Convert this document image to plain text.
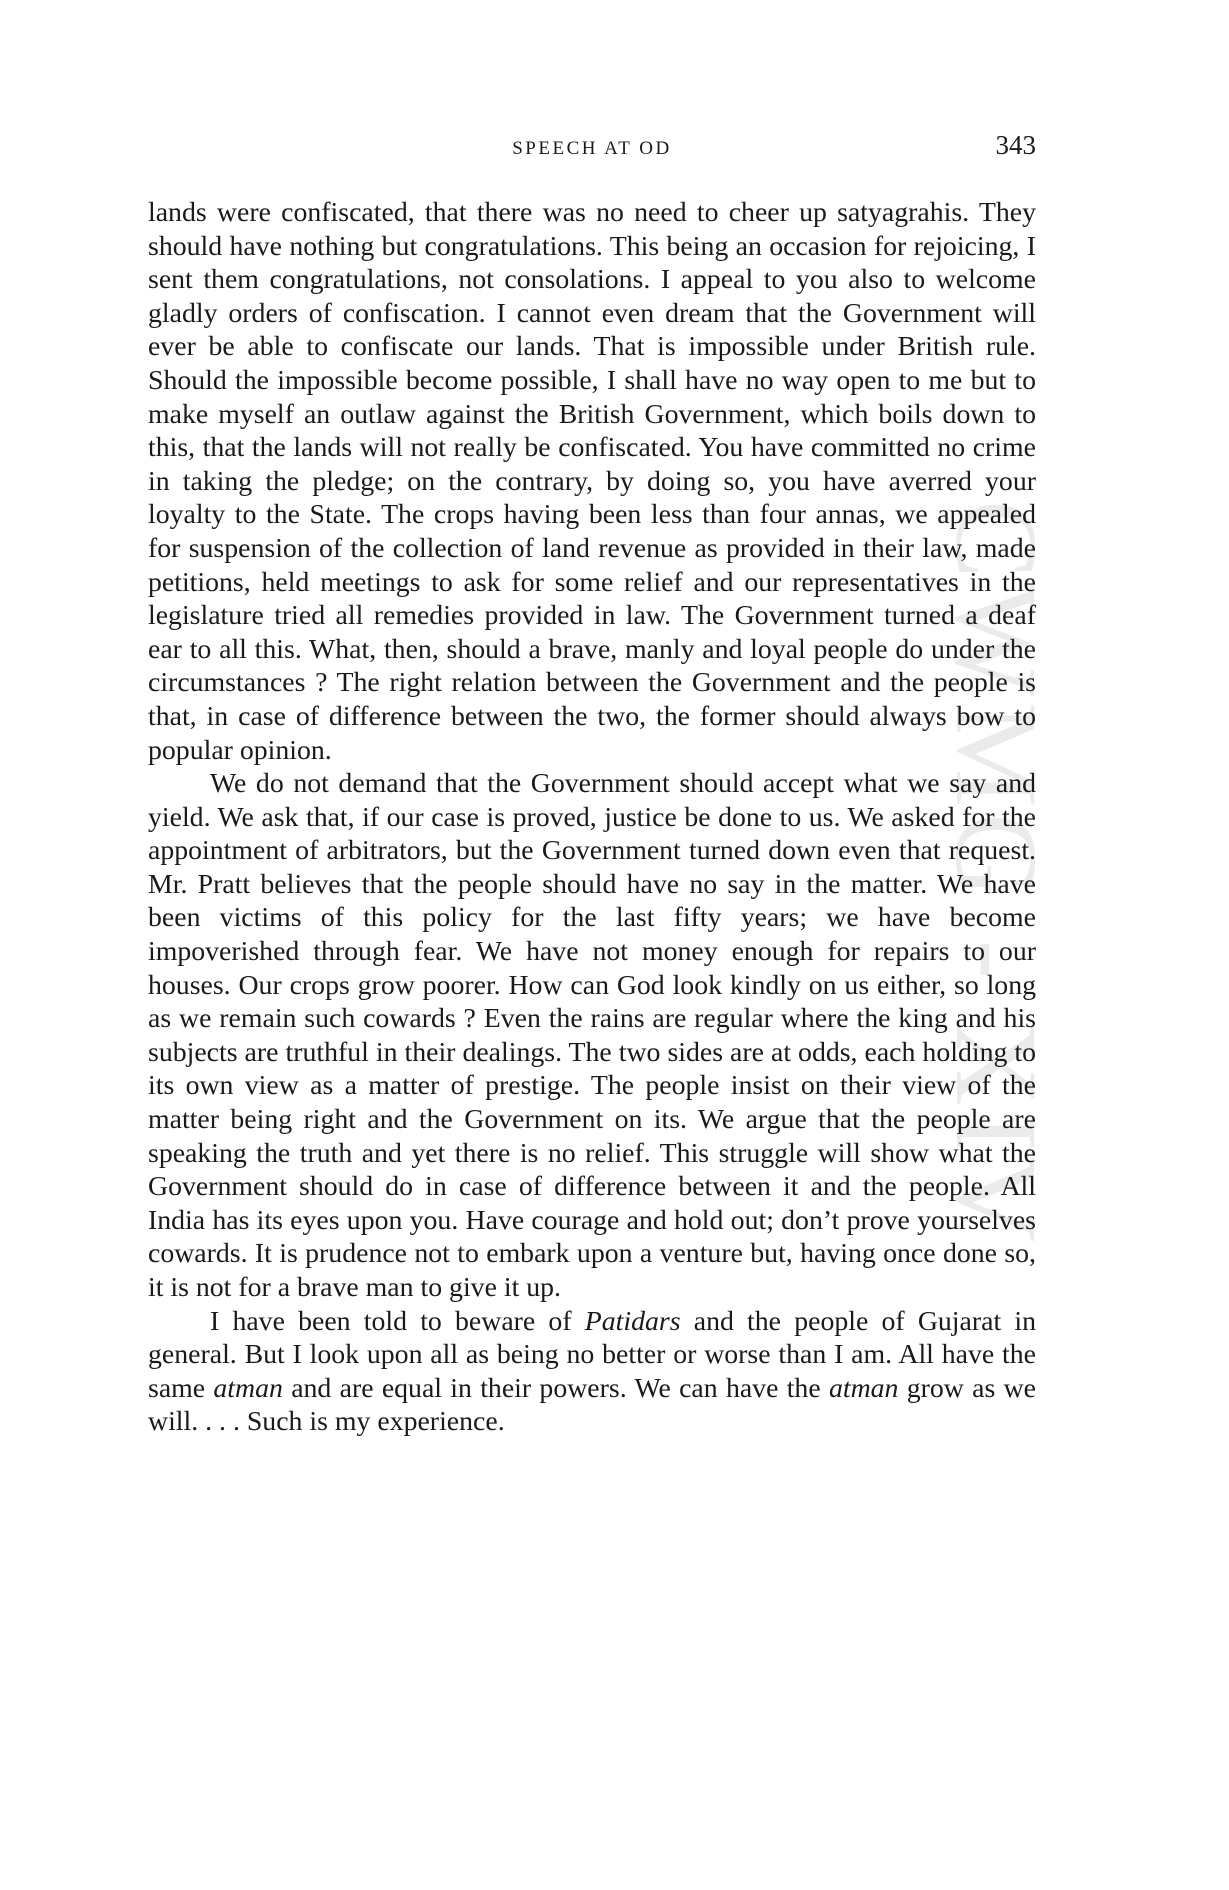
CWMG - XIV
SPEECH AT OD	343

lands were confiscated, that there was no need to cheer up satyagrahis. They should have nothing but congratulations. This being an occasion for rejoicing, I sent them congratulations, not consolations. I appeal to you also to welcome gladly orders of confiscation. I cannot even dream that the Government will ever be able to confiscate our lands. That is impossible under British rule. Should the impossible become possible, I shall have no way open to me but to make myself an outlaw against the British Government, which boils down to this, that the lands will not really be confiscated. You have committed no crime in taking the pledge; on the contrary, by doing so, you have averred your loyalty to the State. The crops having been less than four annas, we appealed for suspension of the collection of land revenue as provided in their law, made petitions, held meetings to ask for some relief and our representatives in the legislature tried all remedies provided in law. The Government turned a deaf ear to all this. What, then, should a brave, manly and loyal people do under the circumstances ? The right relation between the Government and the people is that, in case of difference between the two, the former should always bow to popular opinion.

We do not demand that the Government should accept what we say and yield. We ask that, if our case is proved, justice be done to us. We asked for the appointment of arbitrators, but the Government turned down even that request. Mr. Pratt believes that the people should have no say in the matter. We have been victims of this policy for the last fifty years; we have become impoverished through fear. We have not money enough for repairs to our houses. Our crops grow poorer. How can God look kindly on us either, so long as we remain such cowards ? Even the rains are regular where the king and his subjects are truthful in their dealings. The two sides are at odds, each holding to its own view as a matter of prestige. The people insist on their view of the matter being right and the Government on its. We argue that the people are speaking the truth and yet there is no relief. This struggle will show what the Government should do in case of difference between it and the people. All India has its eyes upon you. Have courage and hold out; don’t prove yourselves cowards. It is prudence not to embark upon a venture but, having once done so, it is not for a brave man to give it up.

I have been told to beware of Patidars and the people of Gujarat in general. But I look upon all as being no better or worse than I am. All have the same atman and are equal in their powers. We can have the atman grow as we will. . . . Such is my experience.
